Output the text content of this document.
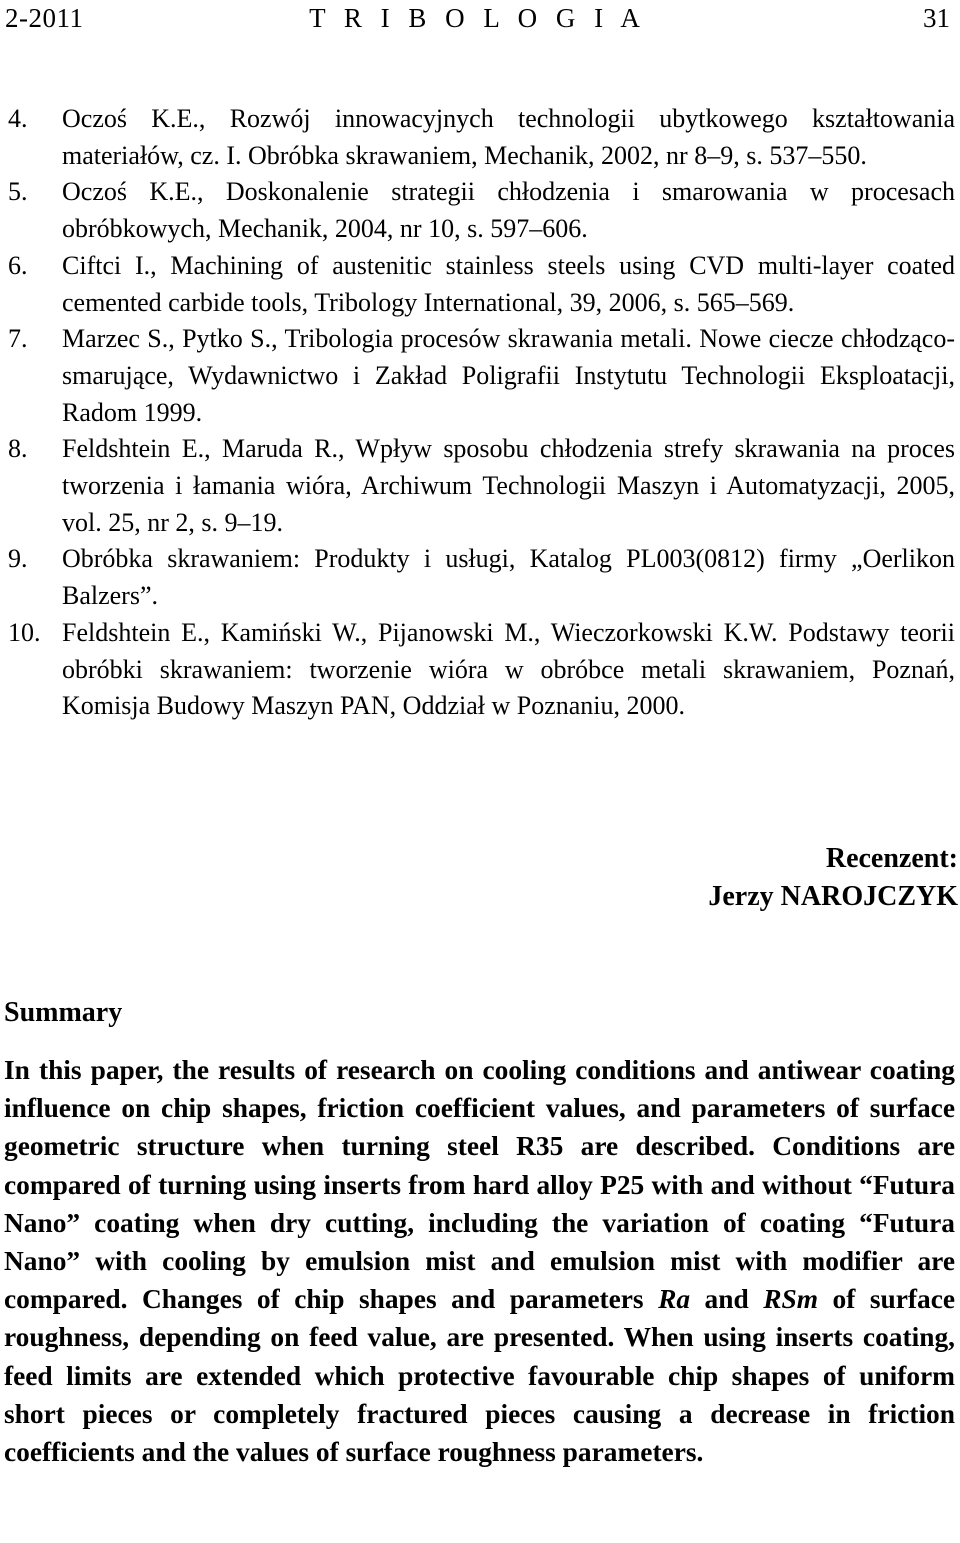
2-2011	T R I B O L O G I A	31
4. Oczoś K.E., Rozwój innowacyjnych technologii ubytkowego kształtowania materiałów, cz. I. Obróbka skrawaniem, Mechanik, 2002, nr 8–9, s. 537–550.
5. Oczoś K.E., Doskonalenie strategii chłodzenia i smarowania w procesach obróbkowych, Mechanik, 2004, nr 10, s. 597–606.
6. Ciftci I., Machining of austenitic stainless steels using CVD multi-layer coated cemented carbide tools, Tribology International, 39, 2006, s. 565–569.
7. Marzec S., Pytko S., Tribologia procesów skrawania metali. Nowe ciecze chłodząco-smarujące, Wydawnictwo i Zakład Poligrafii Instytutu Technologii Eksploatacji, Radom 1999.
8. Feldshtein E., Maruda R., Wpływ sposobu chłodzenia strefy skrawania na proces tworzenia i łamania wióra, Archiwum Technologii Maszyn i Automatyzacji, 2005, vol. 25, nr 2, s. 9–19.
9. Obróbka skrawaniem: Produkty i usługi, Katalog PL003(0812) firmy „Oerlikon Balzers”.
10. Feldshtein E., Kamiński W., Pijanowski M., Wieczorkowski K.W. Podstawy teorii obróbki skrawaniem: tworzenie wióra w obróbce metali skrawaniem, Poznań, Komisja Budowy Maszyn PAN, Oddział w Poznaniu, 2000.
Recenzent:
Jerzy NAROJCZYK
Summary
In this paper, the results of research on cooling conditions and antiwear coating influence on chip shapes, friction coefficient values, and parameters of surface geometric structure when turning steel R35 are described. Conditions are compared of turning using inserts from hard alloy P25 with and without “Futura Nano” coating when dry cutting, including the variation of coating “Futura Nano” with cooling by emulsion mist and emulsion mist with modifier are compared. Changes of chip shapes and parameters Ra and RSm of surface roughness, depending on feed value, are presented. When using inserts coating, feed limits are extended which protective favourable chip shapes of uniform short pieces or completely fractured pieces causing a decrease in friction coefficients and the values of surface roughness parameters.
